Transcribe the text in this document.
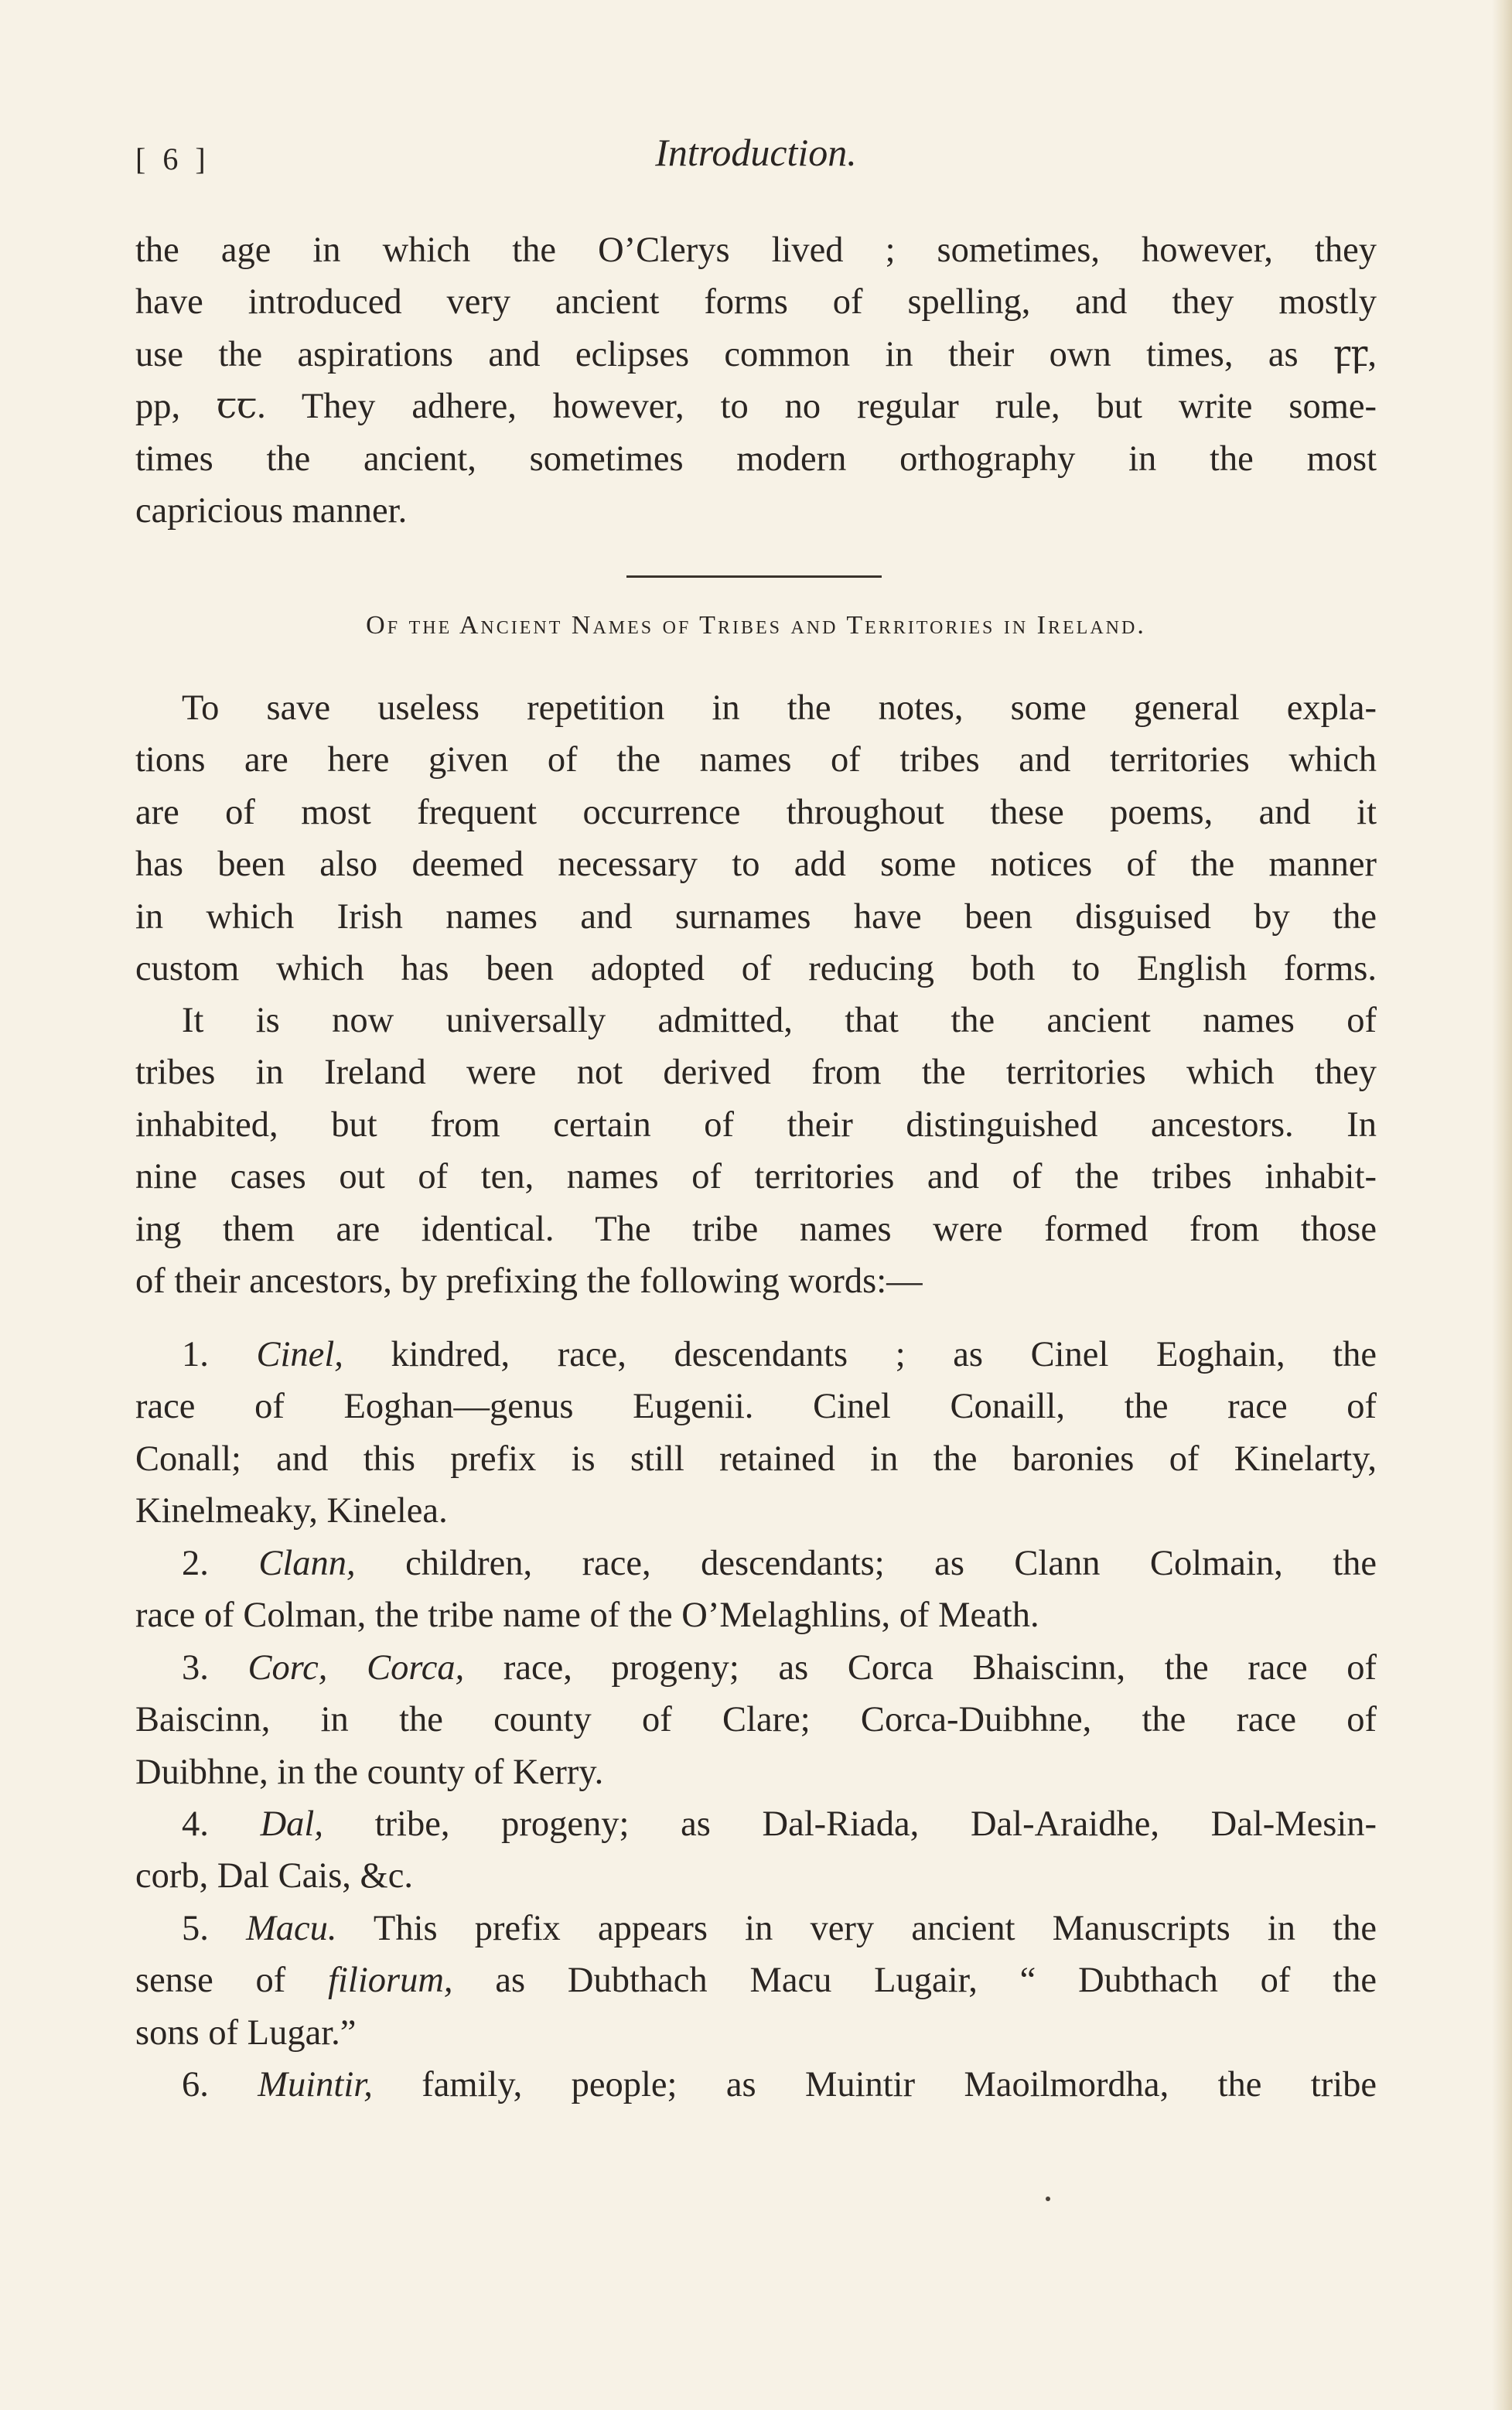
[ 6 ]	Introduction.
the age in which the O’Clerys lived ; sometimes, however, they
have introduced very ancient forms of spelling, and they mostly
use the aspirations and eclipses common in their own times, as ꝼꝼ,
pp, ꞇꞇ. They adhere, however, to no regular rule, but write some-
times the ancient, sometimes modern orthography in the most
capricious manner.
Of the Ancient Names of Tribes and Territories in Ireland.
To save useless repetition in the notes, some general expla-
tions are here given of the names of tribes and territories which
are of most frequent occurrence throughout these poems, and it
has been also deemed necessary to add some notices of the manner
in which Irish names and surnames have been disguised by the
custom which has been adopted of reducing both to English forms.
It is now universally admitted, that the ancient names of
tribes in Ireland were not derived from the territories which they
inhabited, but from certain of their distinguished ancestors. In
nine cases out of ten, names of territories and of the tribes inhabit-
ing them are identical. The tribe names were formed from those
of their ancestors, by prefixing the following words:—
1. Cinel, kindred, race, descendants ; as Cinel Eoghain, the
race of Eoghan—genus Eugenii. Cinel Conaill, the race of
Conall; and this prefix is still retained in the baronies of Kinelarty,
Kinelmeaky, Kinelea.
2. Clann, children, race, descendants; as Clann Colmain, the
race of Colman, the tribe name of the O’Melaghlins, of Meath.
3. Corc, Corca, race, progeny; as Corca Bhaiscinn, the race of
Baiscinn, in the county of Clare; Corca-Duibhne, the race of
Duibhne, in the county of Kerry.
4. Dal, tribe, progeny; as Dal-Riada, Dal-Araidhe, Dal-Mesin-
corb, Dal Cais, &c.
5. Macu. This prefix appears in very ancient Manuscripts in the
sense of filiorum, as Dubthach Macu Lugair, “ Dubthach of the
sons of Lugar.”
6. Muintir, family, people; as Muintir Maoilmordha, the tribe
